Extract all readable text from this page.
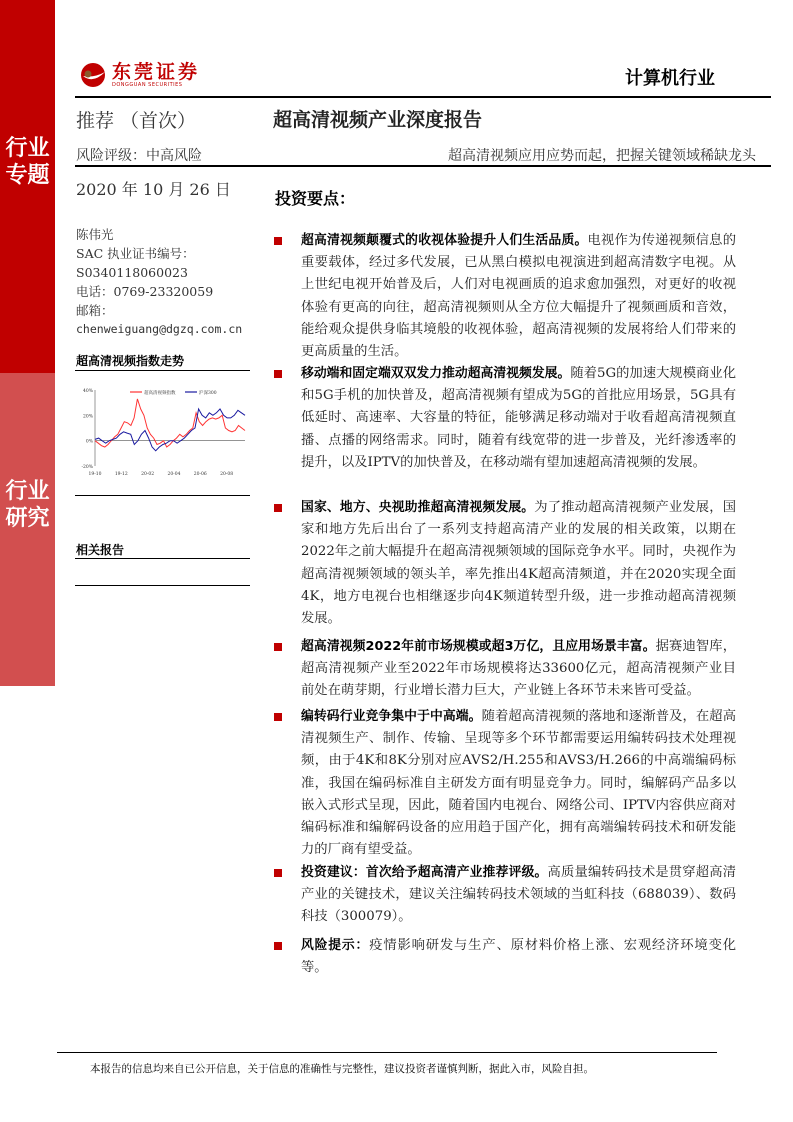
行业专题
行业研究
东莞证券
DONGGUAN SECURITIES	计算机行业
推荐 （首次）	超高清视频产业深度报告
风险评级：中高风险	超高清视频应用应势而起，把握关键领域稀缺龙头
2020 年 10 月 26 日
陈伟光
SAC 执业证书编号：
S0340118060023
电话：0769-23320059
邮箱：
chenweiguang@dgzq.com.cn
超高清视频指数走势
40%
20%
0%
-20%
19-10	19-12	20-02	20-04	20-06	20-08
超高清视频指数	沪深300
相关报告
投资要点：

超高清视频颠覆式的收视体验提升人们生活品质。电视作为传递视频信息的重要载体，经过多代发展，已从黑白模拟电视演进到超高清数字电视。从上世纪电视开始普及后，人们对电视画质的追求愈加强烈，对更好的收视体验有更高的向往，超高清视频则从全方位大幅提升了视频画质和音效，能给观众提供身临其境般的收视体验，超高清视频的发展将给人们带来的更高质量的生活。

移动端和固定端双双发力推动超高清视频发展。随着5G的加速大规模商业化和5G手机的加快普及，超高清视频有望成为5G的首批应用场景，5G具有低延时、高速率、大容量的特征，能够满足移动端对于收看超高清视频直播、点播的网络需求。同时，随着有线宽带的进一步普及，光纤渗透率的提升，以及IPTV的加快普及，在移动端有望加速超高清视频的发展。

国家、地方、央视助推超高清视频发展。为了推动超高清视频产业发展，国家和地方先后出台了一系列支持超高清产业的发展的相关政策，以期在2022年之前大幅提升在超高清视频领域的国际竞争水平。同时，央视作为超高清视频领域的领头羊，率先推出4K超高清频道，并在2020实现全面4K，地方电视台也相继逐步向4K频道转型升级，进一步推动超高清视频发展。

超高清视频2022年前市场规模或超3万亿，且应用场景丰富。据赛迪智库，超高清视频产业至2022年市场规模将达33600亿元，超高清视频产业目前处在萌芽期，行业增长潜力巨大，产业链上各环节未来皆可受益。

编转码行业竞争集中于中高端。随着超高清视频的落地和逐渐普及，在超高清视频生产、制作、传输、呈现等多个环节都需要运用编转码技术处理视频，由于4K和8K分别对应AVS2/H.255和AVS3/H.266的中高端编码标准，我国在编码标准自主研发方面有明显竞争力。同时，编解码产品多以嵌入式形式呈现，因此，随着国内电视台、网络公司、IPTV内容供应商对编码标准和编解码设备的应用趋于国产化，拥有高端编转码技术和研发能力的厂商有望受益。

投资建议：首次给予超高清产业推荐评级。高质量编转码技术是贯穿超高清产业的关键技术，建议关注编转码技术领域的当虹科技（688039）、数码科技（300079）。

风险提示：疫情影响研发与生产、原材料价格上涨、宏观经济环境变化等。

本报告的信息均来自已公开信息，关于信息的准确性与完整性，建议投资者谨慎判断，据此入市，风险自担。
